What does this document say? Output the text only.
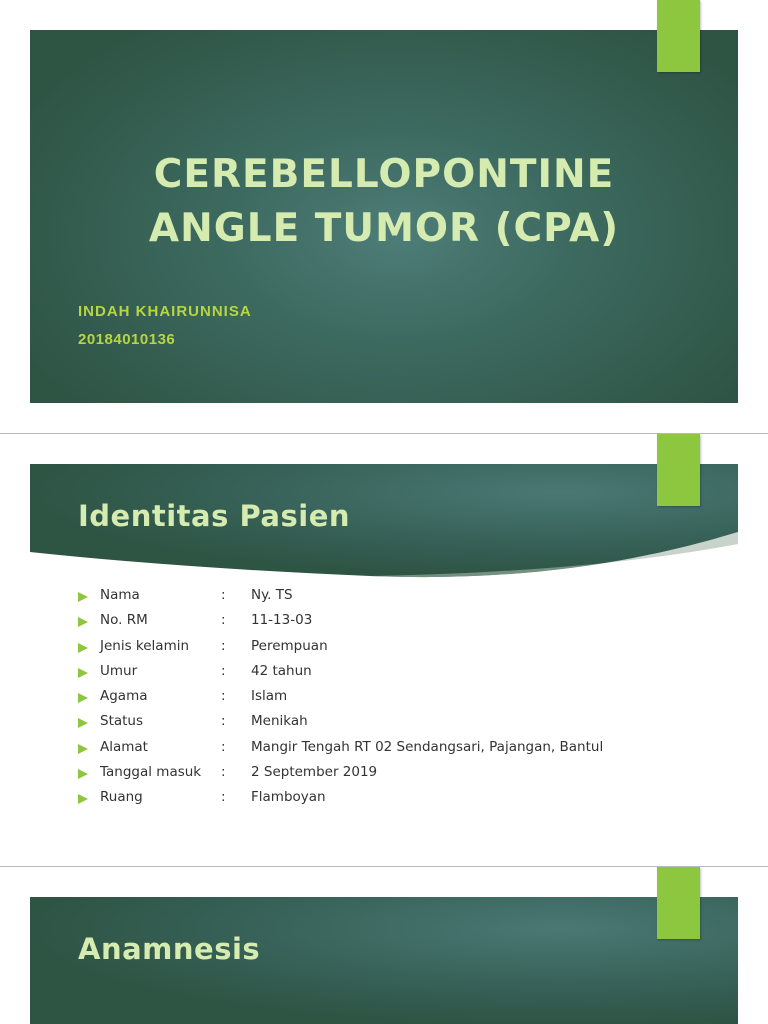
CEREBELLOPONTINE
ANGLE TUMOR (CPA)
INDAH KHAIRUNNISA
20184010136
Identitas Pasien
Nama	: Ny. TS
No. RM	: 11-13-03
Jenis kelamin : Perempuan
Umur	: 42 tahun
Agama	: Islam
Status	: Menikah
Alamat	: Mangir Tengah RT 02 Sendangsari, Pajangan, Bantul
Tanggal masuk : 2 September 2019
Ruang	: Flamboyan
Anamnesis
